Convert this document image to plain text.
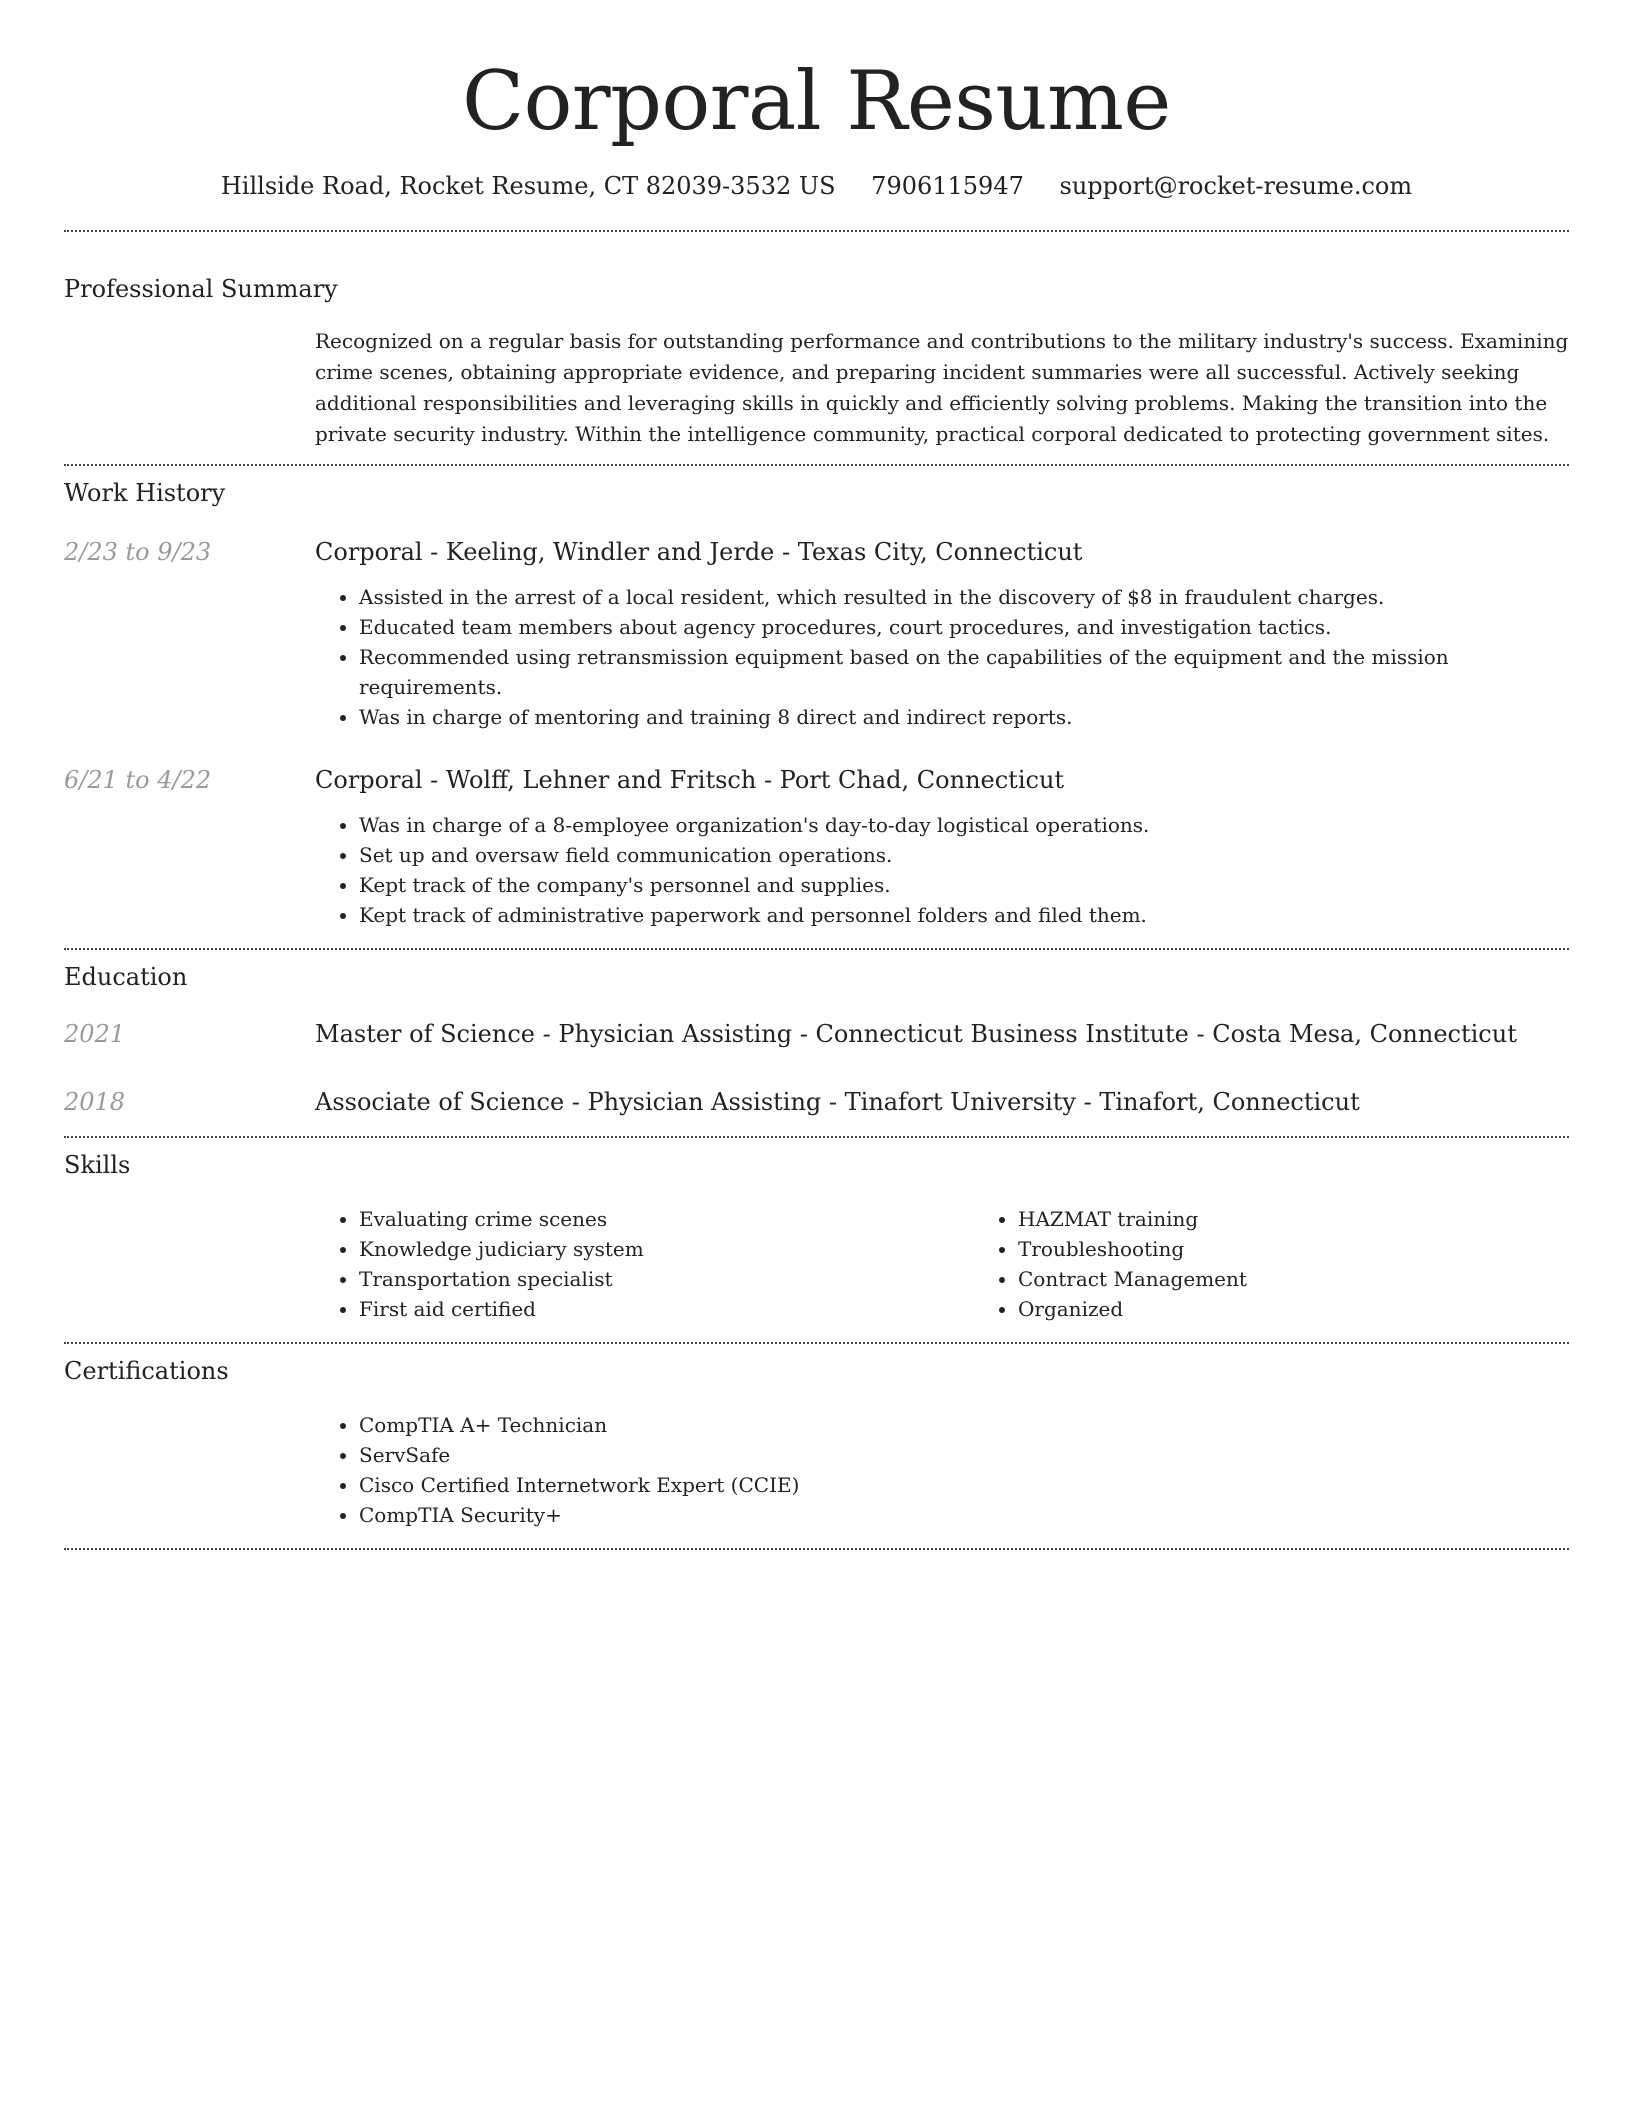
Corporal Resume
Hillside Road, Rocket Resume, CT 82039-3532 US 7906115947 support@rocket-resume.com
Professional Summary
Recognized on a regular basis for outstanding performance and contributions to the military industry's success. Examining crime scenes, obtaining appropriate evidence, and preparing incident summaries were all successful. Actively seeking additional responsibilities and leveraging skills in quickly and efficiently solving problems. Making the transition into the private security industry. Within the intelligence community, practical corporal dedicated to protecting government sites.
Work History
2/23 to 9/23	Corporal - Keeling, Windler and Jerde - Texas City, Connecticut
• Assisted in the arrest of a local resident, which resulted in the discovery of $8 in fraudulent charges.
• Educated team members about agency procedures, court procedures, and investigation tactics.
• Recommended using retransmission equipment based on the capabilities of the equipment and the mission requirements.
• Was in charge of mentoring and training 8 direct and indirect reports.
6/21 to 4/22	Corporal - Wolff, Lehner and Fritsch - Port Chad, Connecticut
• Was in charge of a 8-employee organization's day-to-day logistical operations.
• Set up and oversaw field communication operations.
• Kept track of the company's personnel and supplies.
• Kept track of administrative paperwork and personnel folders and filed them.
Education
2021	Master of Science - Physician Assisting - Connecticut Business Institute - Costa Mesa, Connecticut
2018	Associate of Science - Physician Assisting - Tinafort University - Tinafort, Connecticut
Skills
• Evaluating crime scenes
• Knowledge judiciary system
• Transportation specialist
• First aid certified
• HAZMAT training
• Troubleshooting
• Contract Management
• Organized
Certifications
• CompTIA A+ Technician
• ServSafe
• Cisco Certified Internetwork Expert (CCIE)
• CompTIA Security+
